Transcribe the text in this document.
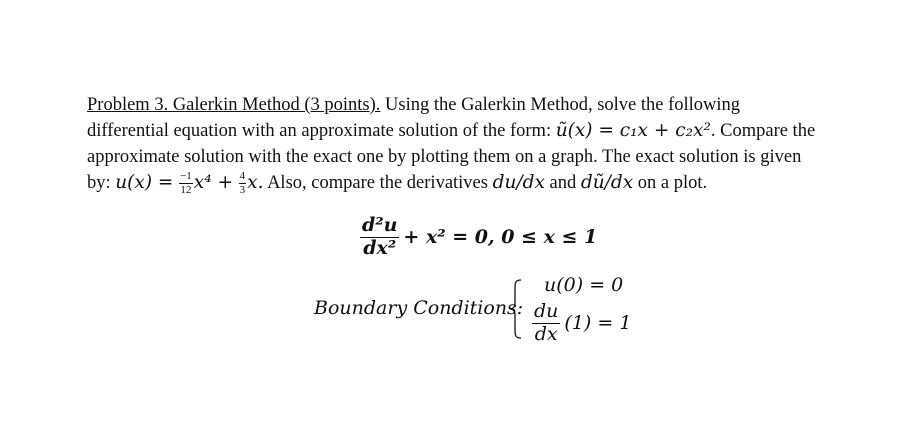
Problem 3. Galerkin Method (3 points). Using the Galerkin Method, solve the following
differential equation with an approximate solution of the form: ũ(x) = c₁x + c₂x². Compare the
approximate solution with the exact one by plotting them on a graph. The exact solution is given
by: $u(x) = \frac{-1}{12} x^4 + \frac{4}{3} x$. Also, compare the derivatives du/dx and dũ/dx on a plot.
$\frac{\text{d²u}}{\text{dx²}} + x^2 = 0$, 0 ≤ x ≤ 1
Boundary Conditions:
u(0) = 0
$\frac{du}{dx} (1) = 1$
